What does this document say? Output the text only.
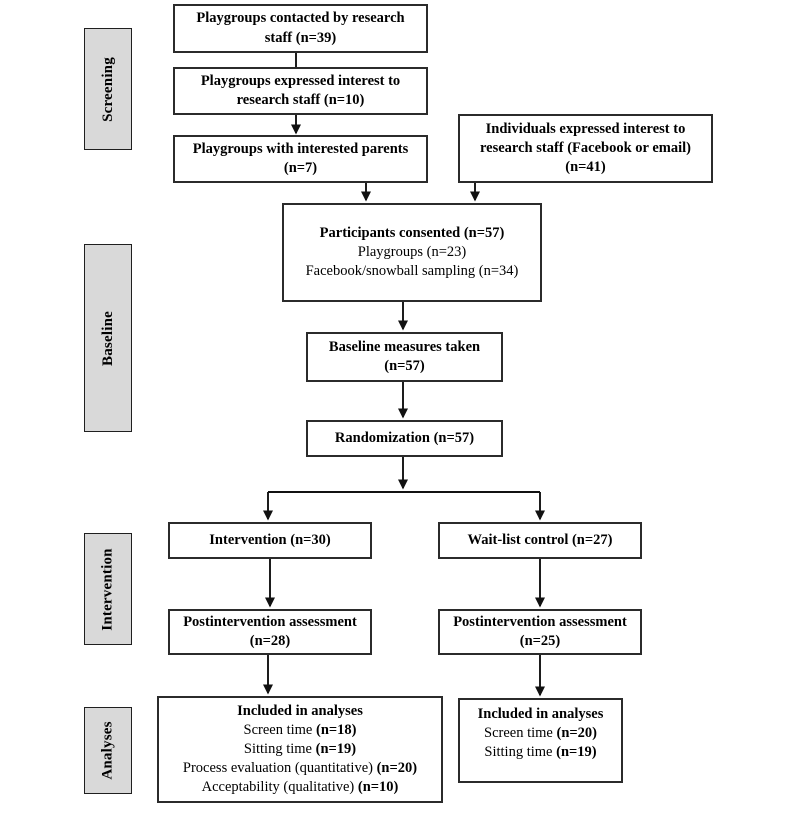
Screening
Baseline
Intervention
Analyses
Playgroups contacted by research
staff (n=39)
Playgroups expressed interest to
research staff (n=10)
Playgroups with interested parents
(n=7)
Individuals expressed interest to
research staff (Facebook or email)
(n=41)
Participants consented (n=57)
Playgroups (n=23)
Facebook/snowball sampling (n=34)
Baseline measures taken
(n=57)
Randomization (n=57)
Intervention (n=30)	Wait-list control (n=27)
Postintervention assessment
(n=28)
Postintervention assessment
(n=25)
Included in analyses
Screen time (n=18)
Sitting time (n=19)
Process evaluation (quantitative) (n=20)
Acceptability (qualitative) (n=10)
Included in analyses
Screen time (n=20)
Sitting time (n=19)
